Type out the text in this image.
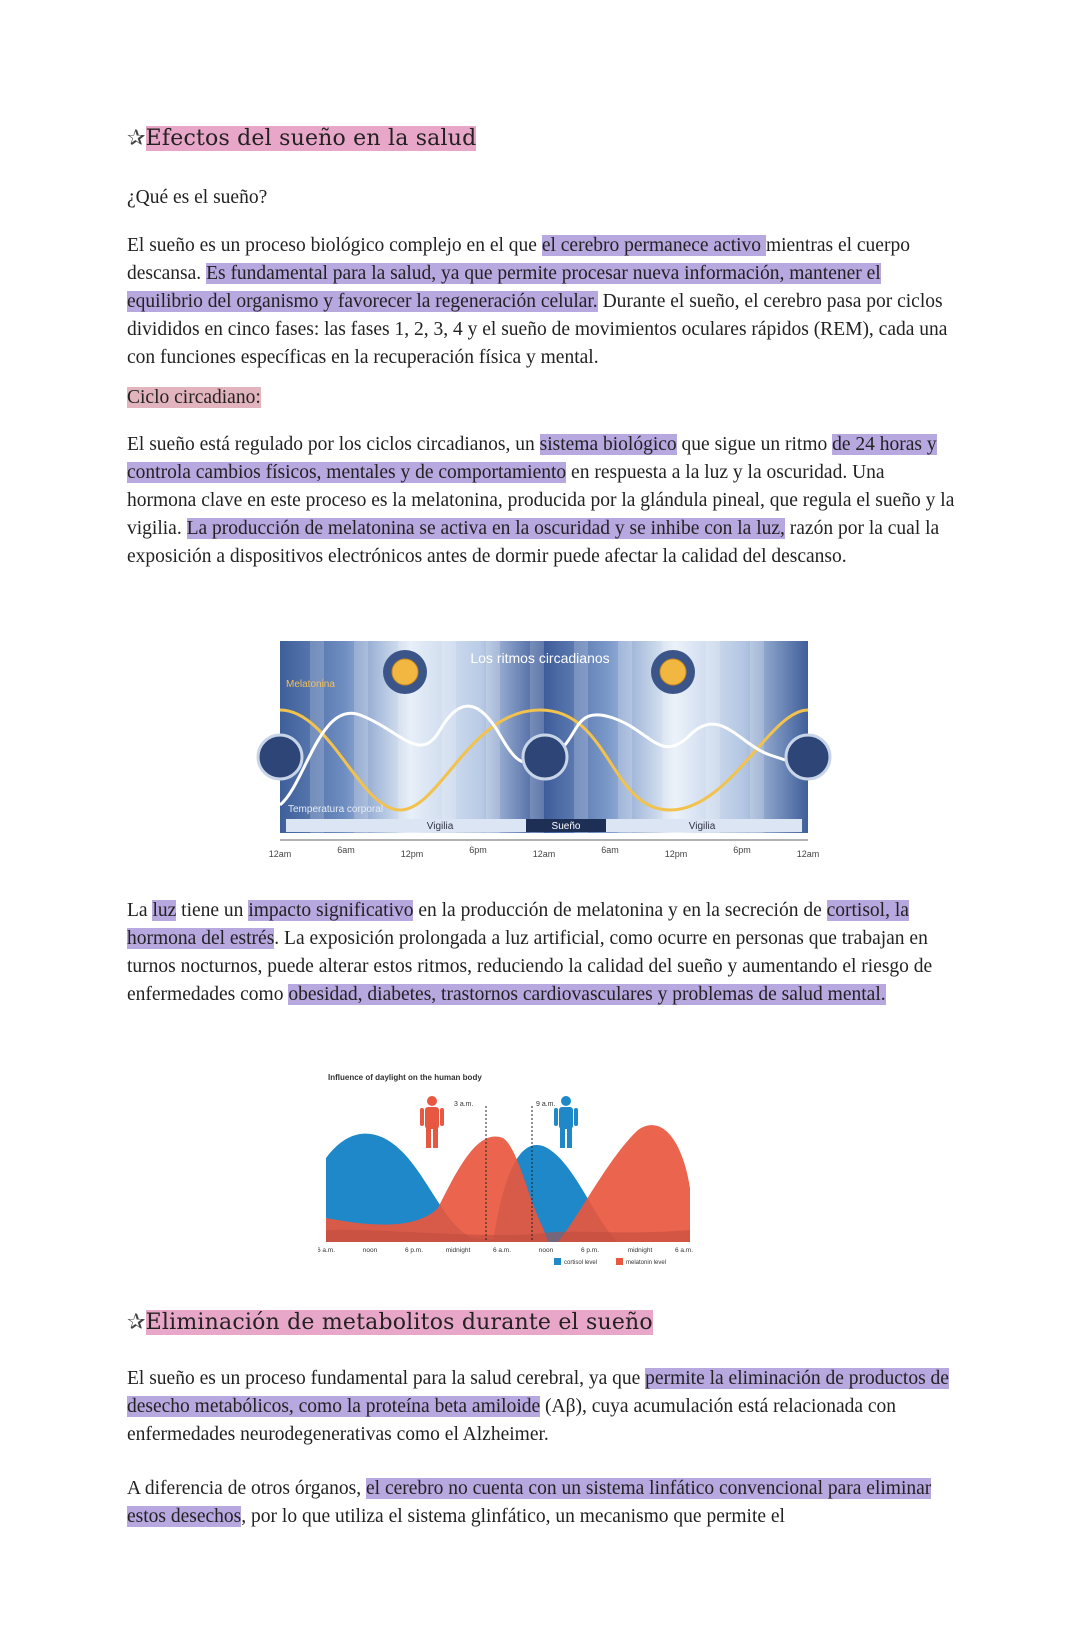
✰Efectos del sueño en la salud
¿Qué es el sueño?
El sueño es un proceso biológico complejo en el que el cerebro permanece activo mientras el cuerpo descansa. Es fundamental para la salud, ya que permite procesar nueva información, mantener el equilibrio del organismo y favorecer la regeneración celular. Durante el sueño, el cerebro pasa por ciclos divididos en cinco fases: las fases 1, 2, 3, 4 y el sueño de movimientos oculares rápidos (REM), cada una con funciones específicas en la recuperación física y mental.
Ciclo circadiano:
El sueño está regulado por los ciclos circadianos, un sistema biológico que sigue un ritmo de 24 horas y controla cambios físicos, mentales y de comportamiento en respuesta a la luz y la oscuridad. Una hormona clave en este proceso es la melatonina, producida por la glándula pineal, que regula el sueño y la vigilia. La producción de melatonina se activa en la oscuridad y se inhibe con la luz, razón por la cual la exposición a dispositivos electrónicos antes de dormir puede afectar la calidad del descanso.
Los ritmos circadianos
Melatonina
Temperatura corporal
Vigilia	Sueño	Vigilia
12am	6am	12pm	6pm	12am	6am	12pm	6pm	12am
La luz tiene un impacto significativo en la producción de melatonina y en la secreción de cortisol, la hormona del estrés. La exposición prolongada a luz artificial, como ocurre en personas que trabajan en turnos nocturnos, puede alterar estos ritmos, reduciendo la calidad del sueño y aumentando el riesgo de enfermedades como obesidad, diabetes, trastornos cardiovasculares y problemas de salud mental.
Influence of daylight on the human body
3 a.m.	9 a.m.
6 a.m.	noon	6 p.m.	midnight	6 a.m.	noon	6 p.m.	midnight	6 a.m.
cortisol level	melatonin level
✰Eliminación de metabolitos durante el sueño
El sueño es un proceso fundamental para la salud cerebral, ya que permite la eliminación de productos de desecho metabólicos, como la proteína beta amiloide (Aβ), cuya acumulación está relacionada con enfermedades neurodegenerativas como el Alzheimer.
A diferencia de otros órganos, el cerebro no cuenta con un sistema linfático convencional para eliminar estos desechos, por lo que utiliza el sistema glinfático, un mecanismo que permite el
